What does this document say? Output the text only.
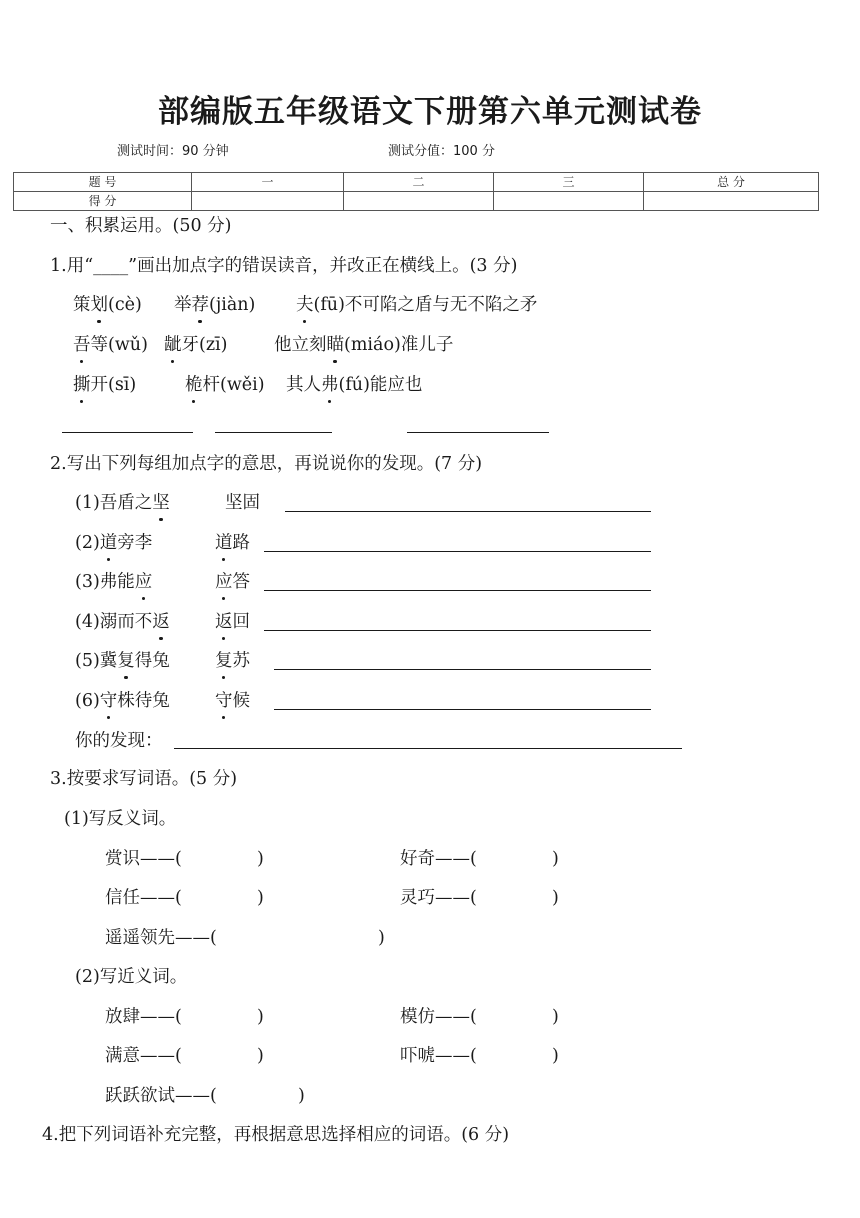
部编版五年级语文下册第六单元测试卷
测试时间：90 分钟	测试分值：100 分
题 号	一	二	三	总 分
得 分				
一、积累运用。(50 分)
1.用“____”画出加点字的错误读音，并改正在横线上。(3 分)
策划(cè) 举荐(jiàn) 夫(fū)不可陷之盾与无不陷之矛
吾等(wǔ) 龇牙(zī)	他立刻瞄(miáo)准儿子
撕开(sī)	桅杆(wěi) 其人弗(fú)能应也
2.写出下列每组加点字的意思，再说说你的发现。(7 分)
(1)吾盾之坚	坚固
(2)道旁李	道路
(3)弗能应	应答
(4)溺而不返	返回
(5)冀复得兔	复苏
(6)守株待兔	守候
你的发现：
3.按要求写词语。(5 分)
(1)写反义词。
赏识——(	)	好奇——(	)
信任——(	)	灵巧——(	)
遥遥领先——(	)
(2)写近义词。
放肆——(	)	模仿——(	)
满意——(	)	吓唬——(	)
跃跃欲试——(	)
4.把下列词语补充完整，再根据意思选择相应的词语。(6 分)
